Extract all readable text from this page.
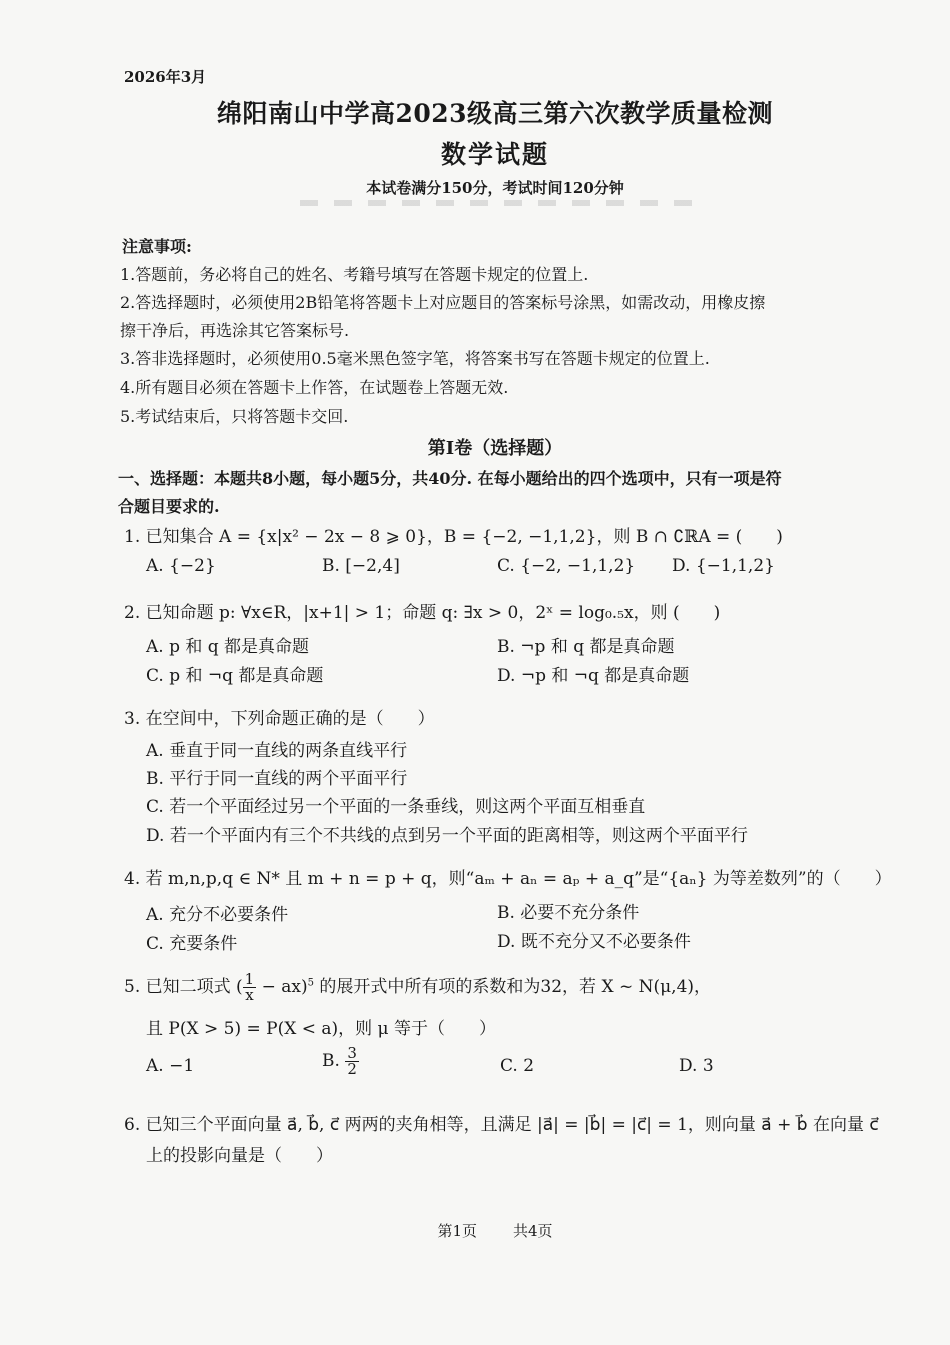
2026年3月
绵阳南山中学高2023级高三第六次教学质量检测
数学试题
本试卷满分150分，考试时间120分钟
注意事项:
1.答题前，务必将自己的姓名、考籍号填写在答题卡规定的位置上.
2.答选择题时，必须使用2B铅笔将答题卡上对应题目的答案标号涂黑，如需改动，用橡皮擦
擦干净后，再选涂其它答案标号.
3.答非选择题时，必须使用0.5毫米黑色签字笔，将答案书写在答题卡规定的位置上.
4.所有题目必须在答题卡上作答，在试题卷上答题无效.
5.考试结束后，只将答题卡交回.
第Ⅰ卷（选择题）
一、选择题：本题共8小题，每小题5分，共40分. 在每小题给出的四个选项中，只有一项是符
合题目要求的.
1. 已知集合 A = {x|x² − 2x − 8 ⩾ 0}，B = {−2, −1,1,2}，则 B ∩ ∁ℝA = (　　)
A. {−2}	B. [−2,4]	C. {−2, −1,1,2} D. {−1,1,2}
2. 已知命题 p: ∀x∈R，|x+1| > 1；命题 q: ∃x > 0，2ˣ = log₀.₅x，则 (　　)
A. p 和 q 都是真命题	B. ¬p 和 q 都是真命题
C. p 和 ¬q 都是真命题	D. ¬p 和 ¬q 都是真命题
3. 在空间中，下列命题正确的是（　　）
A. 垂直于同一直线的两条直线平行
B. 平行于同一直线的两个平面平行
C. 若一个平面经过另一个平面的一条垂线，则这两个平面互相垂直
D. 若一个平面内有三个不共线的点到另一个平面的距离相等，则这两个平面平行
4. 若 m,n,p,q ∈ N* 且 m + n = p + q，则“aₘ + aₙ = aₚ + a_q”是“{aₙ} 为等差数列”的（　　）
A. 充分不必要条件	B. 必要不充分条件
C. 充要条件	D. 既不充分又不必要条件
5. 已知二项式 ( $\frac{1}{x} - ax)^5$ 的展开式中所有项的系数和为32，若 X ~ N(μ,4)，
且 P(X > 5) = P(X < a)，则 μ 等于（　　）
A. −1	B. $\frac{3}{2}$	C. 2	D. 3
6. 已知三个平面向量 a⃗, b⃗, c⃗ 两两的夹角相等，且满足 |a⃗| = |b⃗| = |c⃗| = 1，则向量 a⃗ + b⃗ 在向量 c⃗
上的投影向量是（　　）
第1页 共4页
